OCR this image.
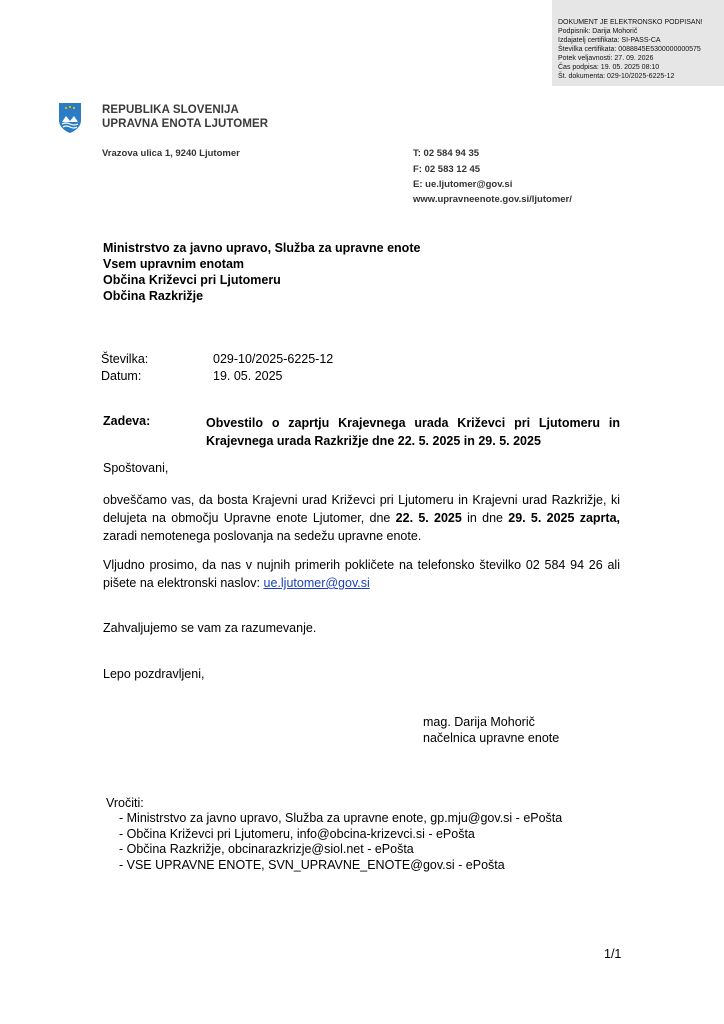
DOKUMENT JE ELEKTRONSKO PODPISAN!
Podpisnik: Darija Mohorič
Izdajatelj certifikata: SI-PASS-CA
Številka certifikata: 0088845E5300000000575
Potek veljavnosti: 27. 09. 2026
Čas podpisa: 19. 05. 2025 08:10
Št. dokumenta: 029-10/2025-6225-12
REPUBLIKA SLOVENIJA
UPRAVNA ENOTA LJUTOMER
Vrazova ulica 1, 9240 Ljutomer	T: 02 584 94 35
F: 02 583 12 45
E: ue.ljutomer@gov.si
www.upravneenote.gov.si/ljutomer/
Ministrstvo za javno upravo, Služba za upravne enote
Vsem upravnim enotam
Občina Križevci pri Ljutomeru
Občina Razkrižje
Številka:	029-10/2025-6225-12
Datum:	19. 05. 2025
Zadeva:	Obvestilo o zaprtju Krajevnega urada Križevci pri Ljutomeru in Krajevnega urada Razkrižje dne 22. 5. 2025 in 29. 5. 2025
Spoštovani,
obveščamo vas, da bosta Krajevni urad Križevci pri Ljutomeru in Krajevni urad Razkrižje, ki delujeta na območju Upravne enote Ljutomer, dne 22. 5. 2025 in dne 29. 5. 2025 zaprta, zaradi nemotenega poslovanja na sedežu upravne enote.
Vljudno prosimo, da nas v nujnih primerih pokličete na telefonsko številko 02 584 94 26 ali pišete na elektronski naslov: ue.ljutomer@gov.si
Zahvaljujemo se vam za razumevanje.
Lepo pozdravljeni,
mag. Darija Mohorič
načelnica upravne enote
Vročiti:
- Ministrstvo za javno upravo, Služba za upravne enote, gp.mju@gov.si - ePošta
- Občina Križevci pri Ljutomeru, info@obcina-krizevci.si - ePošta
- Občina Razkrižje, obcinarazkrizje@siol.net - ePošta
- VSE UPRAVNE ENOTE, SVN_UPRAVNE_ENOTE@gov.si - ePošta
1/1
